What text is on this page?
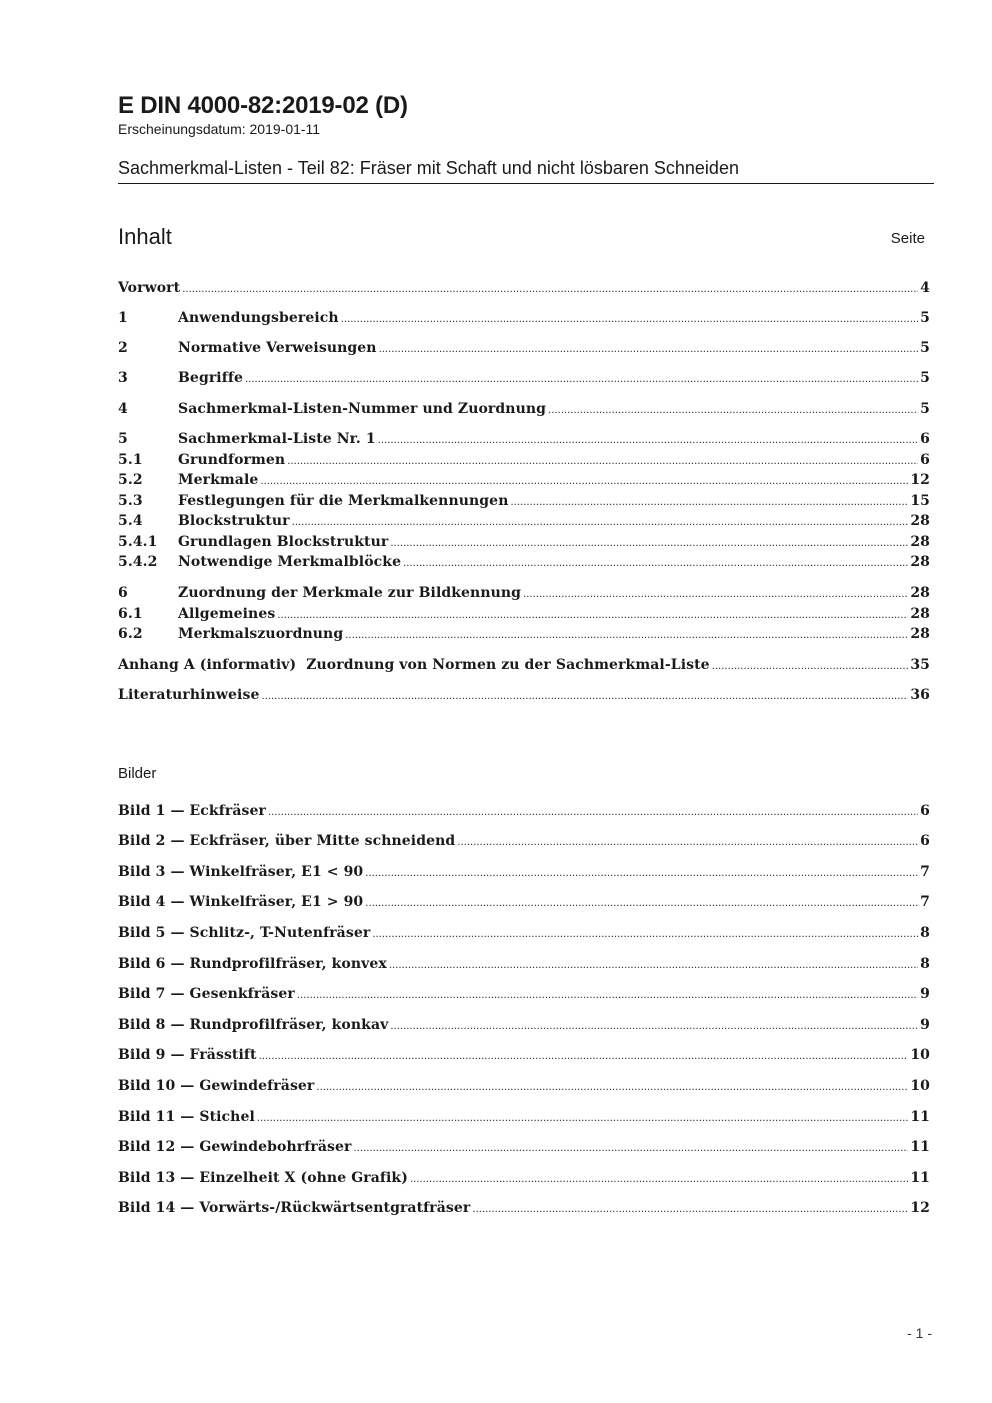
E DIN 4000-82:2019-02 (D)
Erscheinungsdatum: 2019-01-11
Sachmerkmal-Listen - Teil 82: Fräser mit Schaft und nicht lösbaren Schneiden
Inhalt	Seite
Vorwort .....	4
1	Anwendungsbereich .....	5
2	Normative Verweisungen .....	5
3	Begriffe .....	5
4	Sachmerkmal-Listen-Nummer und Zuordnung .....	5
5	Sachmerkmal-Liste Nr. 1 .....	6
5.1	Grundformen .....	6
5.2	Merkmale .....	12
5.3	Festlegungen für die Merkmalkennungen .....	15
5.4	Blockstruktur .....	28
5.4.1	Grundlagen Blockstruktur .....	28
5.4.2	Notwendige Merkmalblöcke .....	28
6	Zuordnung der Merkmale zur Bildkennung .....	28
6.1	Allgemeines .....	28
6.2	Merkmalszuordnung .....	28
Anhang A (informativ)  Zuordnung von Normen zu der Sachmerkmal-Liste .....	35
Literaturhinweise .....	36
Bilder
Bild 1 — Eckfräser .....	6
Bild 2 — Eckfräser, über Mitte schneidend .....	6
Bild 3 — Winkelfräser, E1 < 90 .....	7
Bild 4 — Winkelfräser, E1 > 90 .....	7
Bild 5 — Schlitz-, T-Nutenfräser .....	8
Bild 6 — Rundprofilfräser, konvex .....	8
Bild 7 — Gesenkfräser .....	9
Bild 8 — Rundprofilfräser, konkav .....	9
Bild 9 — Frässtift .....	10
Bild 10 — Gewindefräser .....	10
Bild 11 — Stichel .....	11
Bild 12 — Gewindebohrfräser .....	11
Bild 13 — Einzelheit X (ohne Grafik) .....	11
Bild 14 — Vorwärts-/Rückwärtsentgratfräser .....	12
- 1 -
